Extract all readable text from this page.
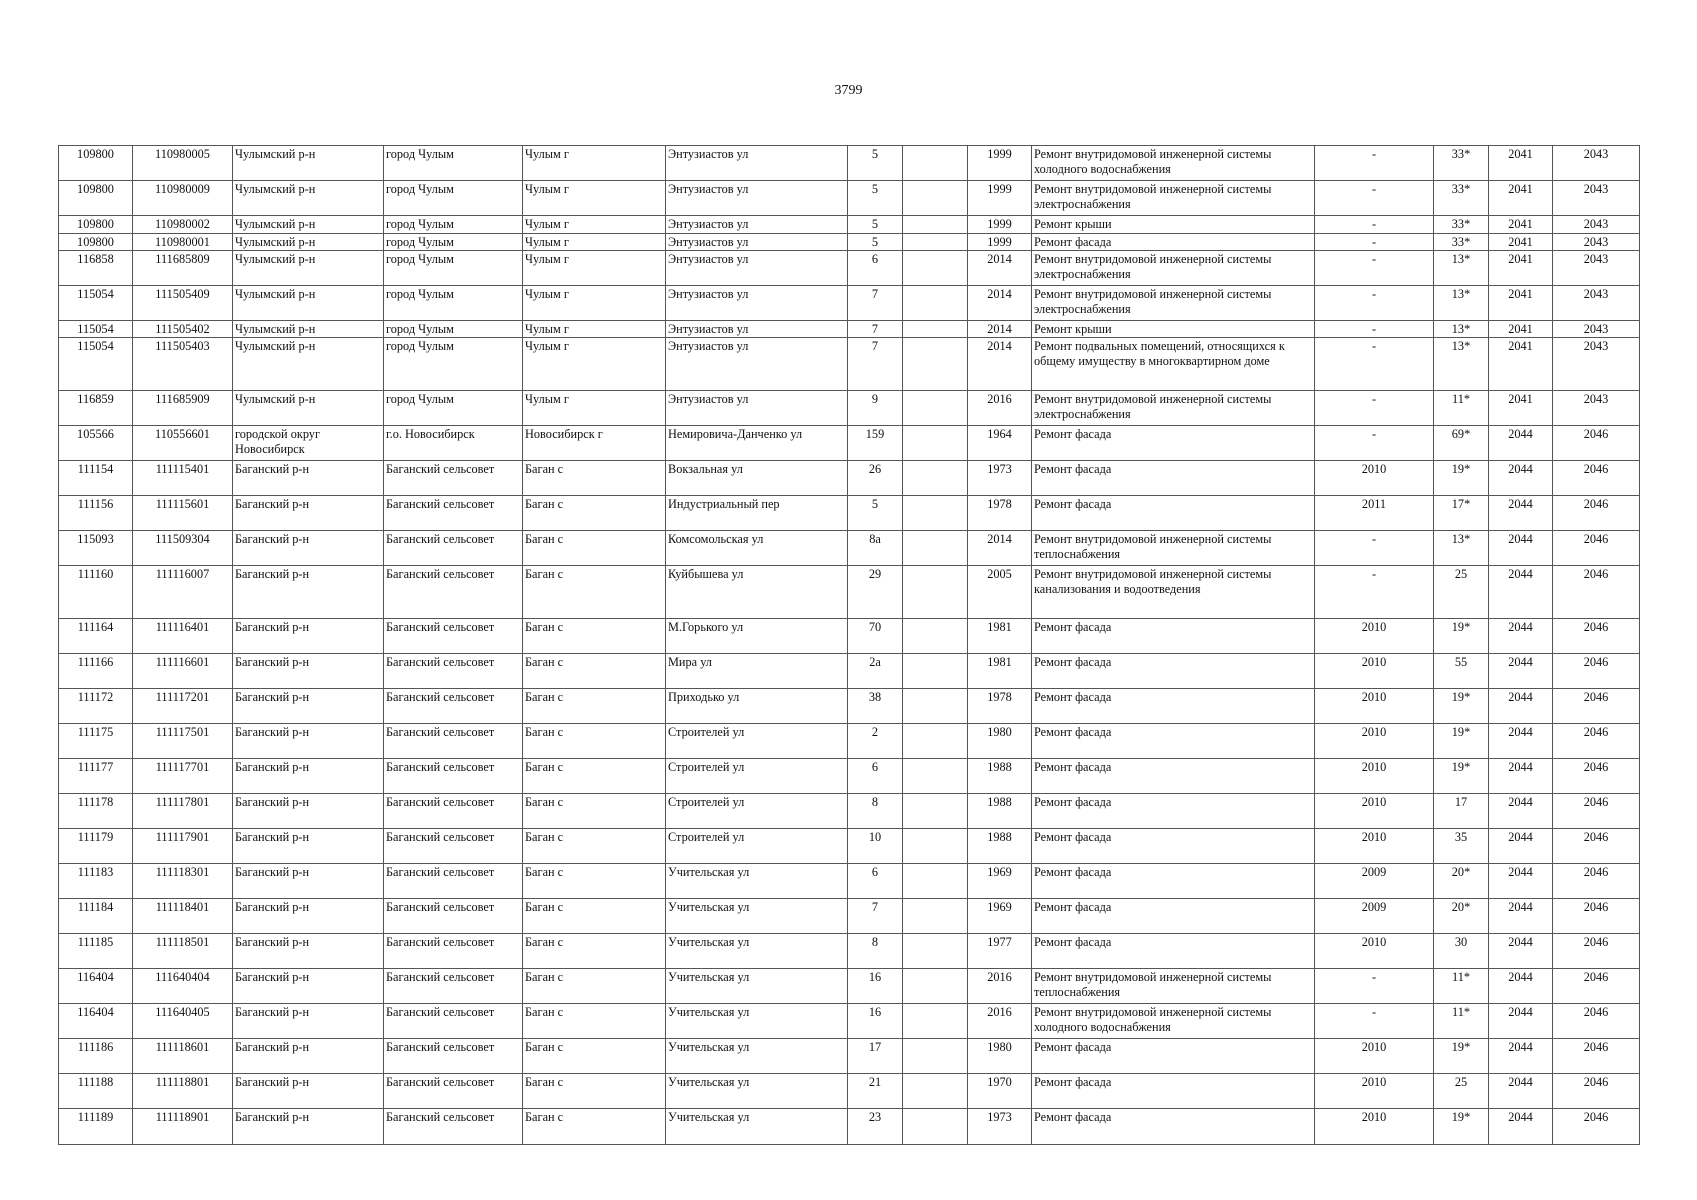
3799
109800	110980005	Чулымский р-н	город Чулым	Чулым г	Энтузиастов ул	5		1999	Ремонт внутридомовой инженерной системы холодного водоснабжения	-	33*	2041	2043
109800	110980009	Чулымский р-н	город Чулым	Чулым г	Энтузиастов ул	5		1999	Ремонт внутридомовой инженерной системы электроснабжения	-	33*	2041	2043
109800	110980002	Чулымский р-н	город Чулым	Чулым г	Энтузиастов ул	5		1999	Ремонт крыши	-	33*	2041	2043
109800	110980001	Чулымский р-н	город Чулым	Чулым г	Энтузиастов ул	5		1999	Ремонт фасада	-	33*	2041	2043
116858	111685809	Чулымский р-н	город Чулым	Чулым г	Энтузиастов ул	6		2014	Ремонт внутридомовой инженерной системы электроснабжения	-	13*	2041	2043
115054	111505409	Чулымский р-н	город Чулым	Чулым г	Энтузиастов ул	7		2014	Ремонт внутридомовой инженерной системы электроснабжения	-	13*	2041	2043
115054	111505402	Чулымский р-н	город Чулым	Чулым г	Энтузиастов ул	7		2014	Ремонт крыши	-	13*	2041	2043
115054	111505403	Чулымский р-н	город Чулым	Чулым г	Энтузиастов ул	7		2014	Ремонт подвальных помещений, относящихся к общему имуществу в многоквартирном доме	-	13*	2041	2043
116859	111685909	Чулымский р-н	город Чулым	Чулым г	Энтузиастов ул	9		2016	Ремонт внутридомовой инженерной системы электроснабжения	-	11*	2041	2043
105566	110556601	городской округ Новосибирск	г.о. Новосибирск	Новосибирск г	Немировича-Данченко ул	159		1964	Ремонт фасада	-	69*	2044	2046
111154	111115401	Баганский р-н	Баганский сельсовет	Баган с	Вокзальная ул	26		1973	Ремонт фасада	2010	19*	2044	2046
111156	111115601	Баганский р-н	Баганский сельсовет	Баган с	Индустриальный пер	5		1978	Ремонт фасада	2011	17*	2044	2046
115093	111509304	Баганский р-н	Баганский сельсовет	Баган с	Комсомольская ул	8а		2014	Ремонт внутридомовой инженерной системы теплоснабжения	-	13*	2044	2046
111160	111116007	Баганский р-н	Баганский сельсовет	Баган с	Куйбышева ул	29		2005	Ремонт внутридомовой инженерной системы канализования и водоотведения	-	25	2044	2046
111164	111116401	Баганский р-н	Баганский сельсовет	Баган с	М.Горького ул	70		1981	Ремонт фасада	2010	19*	2044	2046
111166	111116601	Баганский р-н	Баганский сельсовет	Баган с	Мира ул	2а		1981	Ремонт фасада	2010	55	2044	2046
111172	111117201	Баганский р-н	Баганский сельсовет	Баган с	Приходько ул	38		1978	Ремонт фасада	2010	19*	2044	2046
111175	111117501	Баганский р-н	Баганский сельсовет	Баган с	Строителей ул	2		1980	Ремонт фасада	2010	19*	2044	2046
111177	111117701	Баганский р-н	Баганский сельсовет	Баган с	Строителей ул	6		1988	Ремонт фасада	2010	19*	2044	2046
111178	111117801	Баганский р-н	Баганский сельсовет	Баган с	Строителей ул	8		1988	Ремонт фасада	2010	17	2044	2046
111179	111117901	Баганский р-н	Баганский сельсовет	Баган с	Строителей ул	10		1988	Ремонт фасада	2010	35	2044	2046
111183	111118301	Баганский р-н	Баганский сельсовет	Баган с	Учительская ул	6		1969	Ремонт фасада	2009	20*	2044	2046
111184	111118401	Баганский р-н	Баганский сельсовет	Баган с	Учительская ул	7		1969	Ремонт фасада	2009	20*	2044	2046
111185	111118501	Баганский р-н	Баганский сельсовет	Баган с	Учительская ул	8		1977	Ремонт фасада	2010	30	2044	2046
116404	111640404	Баганский р-н	Баганский сельсовет	Баган с	Учительская ул	16		2016	Ремонт внутридомовой инженерной системы теплоснабжения	-	11*	2044	2046
116404	111640405	Баганский р-н	Баганский сельсовет	Баган с	Учительская ул	16		2016	Ремонт внутридомовой инженерной системы холодного водоснабжения	-	11*	2044	2046
111186	111118601	Баганский р-н	Баганский сельсовет	Баган с	Учительская ул	17		1980	Ремонт фасада	2010	19*	2044	2046
111188	111118801	Баганский р-н	Баганский сельсовет	Баган с	Учительская ул	21		1970	Ремонт фасада	2010	25	2044	2046
111189	111118901	Баганский р-н	Баганский сельсовет	Баган с	Учительская ул	23		1973	Ремонт фасада	2010	19*	2044	2046
